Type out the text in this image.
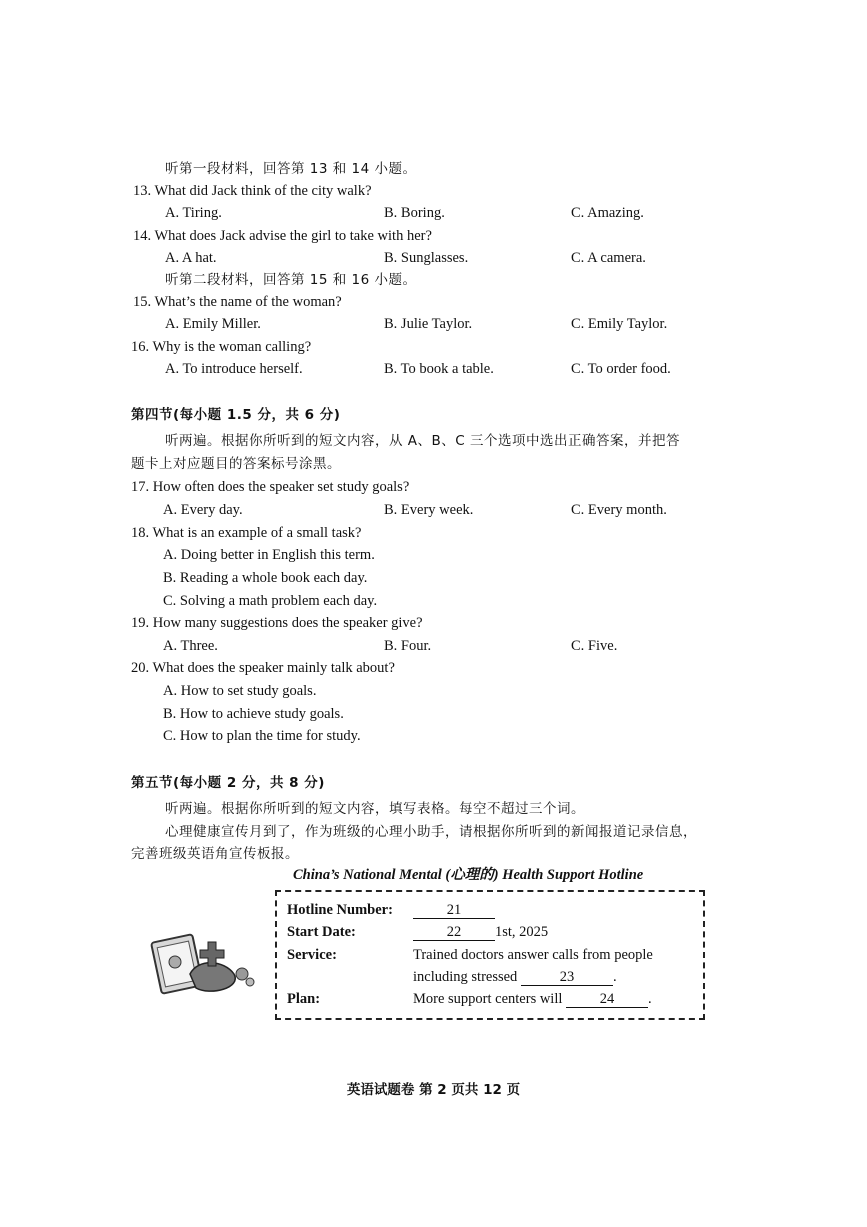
听第一段材料，回答第 13 和 14 小题。
13. What did Jack think of the city walk?
A. Tiring.	B. Boring.	C. Amazing.
14. What does Jack advise the girl to take with her?
A. A hat.	B. Sunglasses.	C. A camera.
听第二段材料，回答第 15 和 16 小题。
15. What’s the name of the woman?
A. Emily Miller.	B. Julie Taylor.	C. Emily Taylor.
16. Why is the woman calling?
A. To introduce herself.	B. To book a table.	C. To order food.
第四节(每小题 1.5 分，共 6 分)
听两遍。根据你所听到的短文内容，从 A、B、C 三个选项中选出正确答案，并把答
题卡上对应题目的答案标号涂黑。
17. How often does the speaker set study goals?
A. Every day.	B. Every week.	C. Every month.
18. What is an example of a small task?
A. Doing better in English this term.
B. Reading a whole book each day.
C. Solving a math problem each day.
19. How many suggestions does the speaker give?
A. Three.	B. Four.	C. Five.
20. What does the speaker mainly talk about?
A. How to set study goals.
B. How to achieve study goals.
C. How to plan the time for study.
第五节(每小题 2 分，共 8 分)
听两遍。根据你所听到的短文内容，填写表格。每空不超过三个词。
心理健康宣传月到了，作为班级的心理小助手，请根据你所听到的新闻报道记录信息，
完善班级英语角宣传板报。
China’s National Mental (心理的) Health Support Hotline
Hotline Number:	21
Start Date:	22 1st, 2025
Service:	Trained doctors answer calls from people
including stressed	23	.
Plan:	More support centers will	24 .
英语试题卷 第 2 页共 12 页
